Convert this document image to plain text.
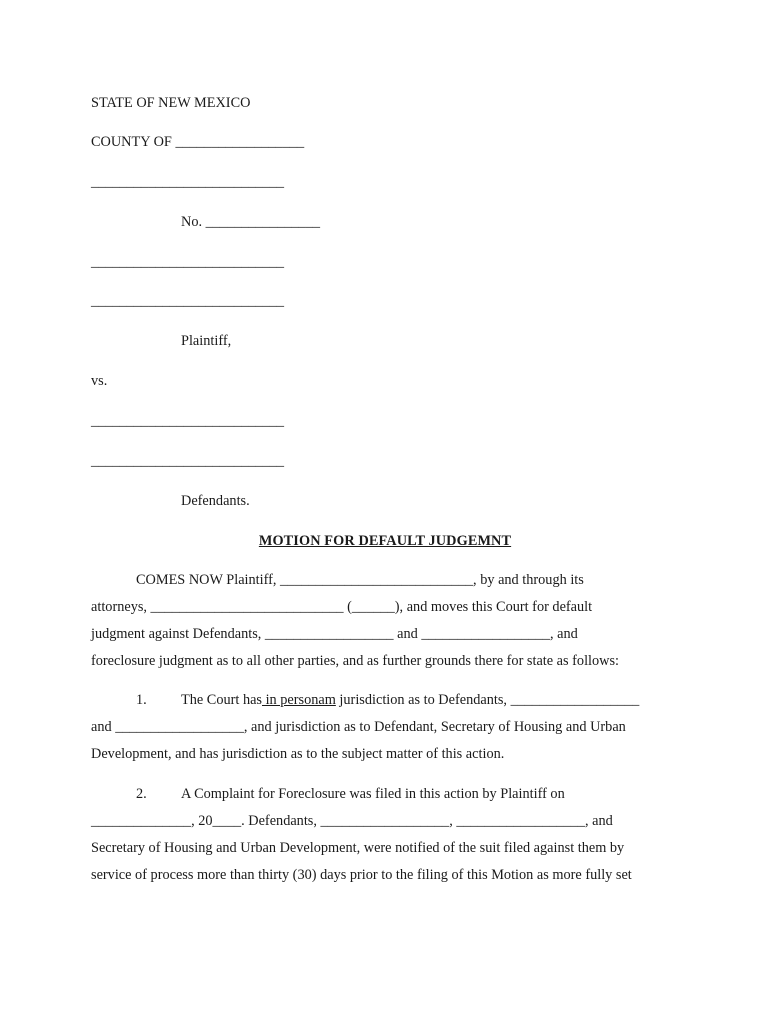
STATE OF NEW MEXICO
COUNTY OF __________________
___________________________
No. ________________
___________________________
___________________________
Plaintiff,
vs.
___________________________
___________________________
Defendants.
MOTION FOR DEFAULT JUDGEMNT
COMES NOW Plaintiff, ___________________________, by and through its
attorneys, ___________________________ (______), and moves this Court for default
judgment against Defendants, __________________ and __________________, and
foreclosure judgment as to all other parties, and as further grounds there for state as follows:
1. The Court has in personam jurisdiction as to Defendants, __________________
and __________________, and jurisdiction as to Defendant, Secretary of Housing and Urban
Development, and has jurisdiction as to the subject matter of this action.
2. A Complaint for Foreclosure was filed in this action by Plaintiff on
______________, 20____. Defendants, __________________, __________________, and
Secretary of Housing and Urban Development, were notified of the suit filed against them by
service of process more than thirty (30) days prior to the filing of this Motion as more fully set
